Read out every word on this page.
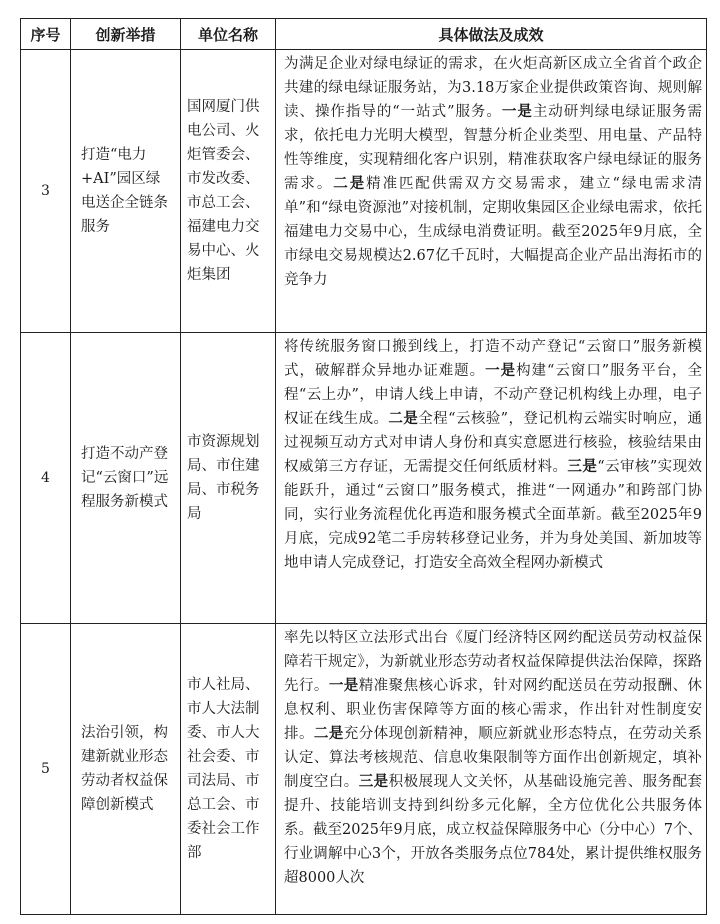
序号	创新举措	单位名称	具体做法及成效
3	打造“电力+AI”园区绿电送企全链条服务	国网厦门供电公司、火炬管委会、市发改委、市总工会、福建电力交易中心、火炬集团	为满足企业对绿电绿证的需求，在火炬高新区成立全省首个政企共建的绿电绿证服务站，为3.18万家企业提供政策咨询、规则解读、操作指导的“一站式”服务。一是主动研判绿电绿证服务需求，依托电力光明大模型，智慧分析企业类型、用电量、产品特性等维度，实现精细化客户识别，精准获取客户绿电绿证的服务需求。二是精准匹配供需双方交易需求，建立“绿电需求清单”和“绿电资源池”对接机制，定期收集园区企业绿电需求，依托福建电力交易中心，生成绿电消费证明。截至2025年9月底，全市绿电交易规模达2.67亿千瓦时，大幅提高企业产品出海拓市的竞争力
4	打造不动产登记“云窗口”远程服务新模式	市资源规划局、市住建局、市税务局	将传统服务窗口搬到线上，打造不动产登记“云窗口”服务新模式，破解群众异地办证难题。一是构建“云窗口”服务平台，全程“云上办”，申请人线上申请，不动产登记机构线上办理，电子权证在线生成。二是全程“云核验”，登记机构云端实时响应，通过视频互动方式对申请人身份和真实意愿进行核验，核验结果由权威第三方存证，无需提交任何纸质材料。三是“云审核”实现效能跃升，通过“云窗口”服务模式，推进“一网通办”和跨部门协同，实行业务流程优化再造和服务模式全面革新。截至2025年9月底，完成92笔二手房转移登记业务，并为身处美国、新加坡等地申请人完成登记，打造安全高效全程网办新模式
5	法治引领，构建新就业形态劳动者权益保障创新模式	市人社局、市人大法制委、市人大社会委、市司法局、市总工会、市委社会工作部	率先以特区立法形式出台《厦门经济特区网约配送员劳动权益保障若干规定》，为新就业形态劳动者权益保障提供法治保障，探路先行。一是精准聚焦核心诉求，针对网约配送员在劳动报酬、休息权利、职业伤害保障等方面的核心需求，作出针对性制度安排。二是充分体现创新精神，顺应新就业形态特点，在劳动关系认定、算法考核规范、信息收集限制等方面作出创新规定，填补制度空白。三是积极展现人文关怀，从基础设施完善、服务配套提升、技能培训支持到纠纷多元化解，全方位优化公共服务体系。截至2025年9月底，成立权益保障服务中心（分中心）7个、行业调解中心3个，开放各类服务点位784处，累计提供维权服务超8000人次
